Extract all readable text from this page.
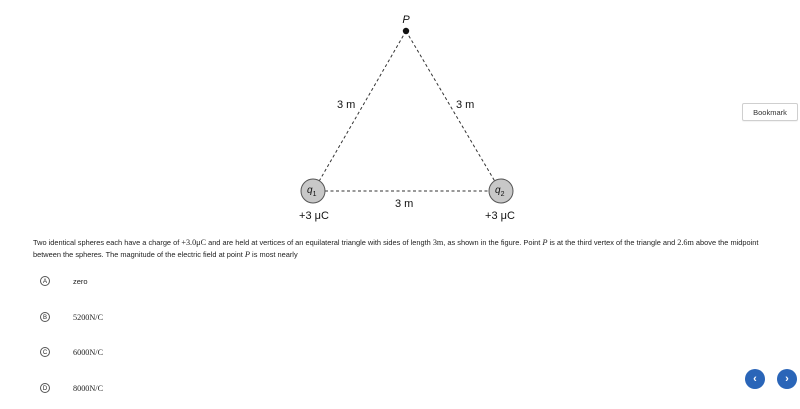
P
3 m	3 m
3 m
$q_1$	$q_2$
+3 μC	+3 μC
Bookmark
Two identical spheres each have a charge of +3.0μC and are held at vertices of an equilateral triangle with sides of length 3m, as shown in the figure. Point P is at the third vertex of the triangle and 2.6m above the midpoint between the spheres. The magnitude of the electric field at point P is most nearly
A	zero
B	5200N/C
C	6000N/C
D	8000N/C
‹	›
